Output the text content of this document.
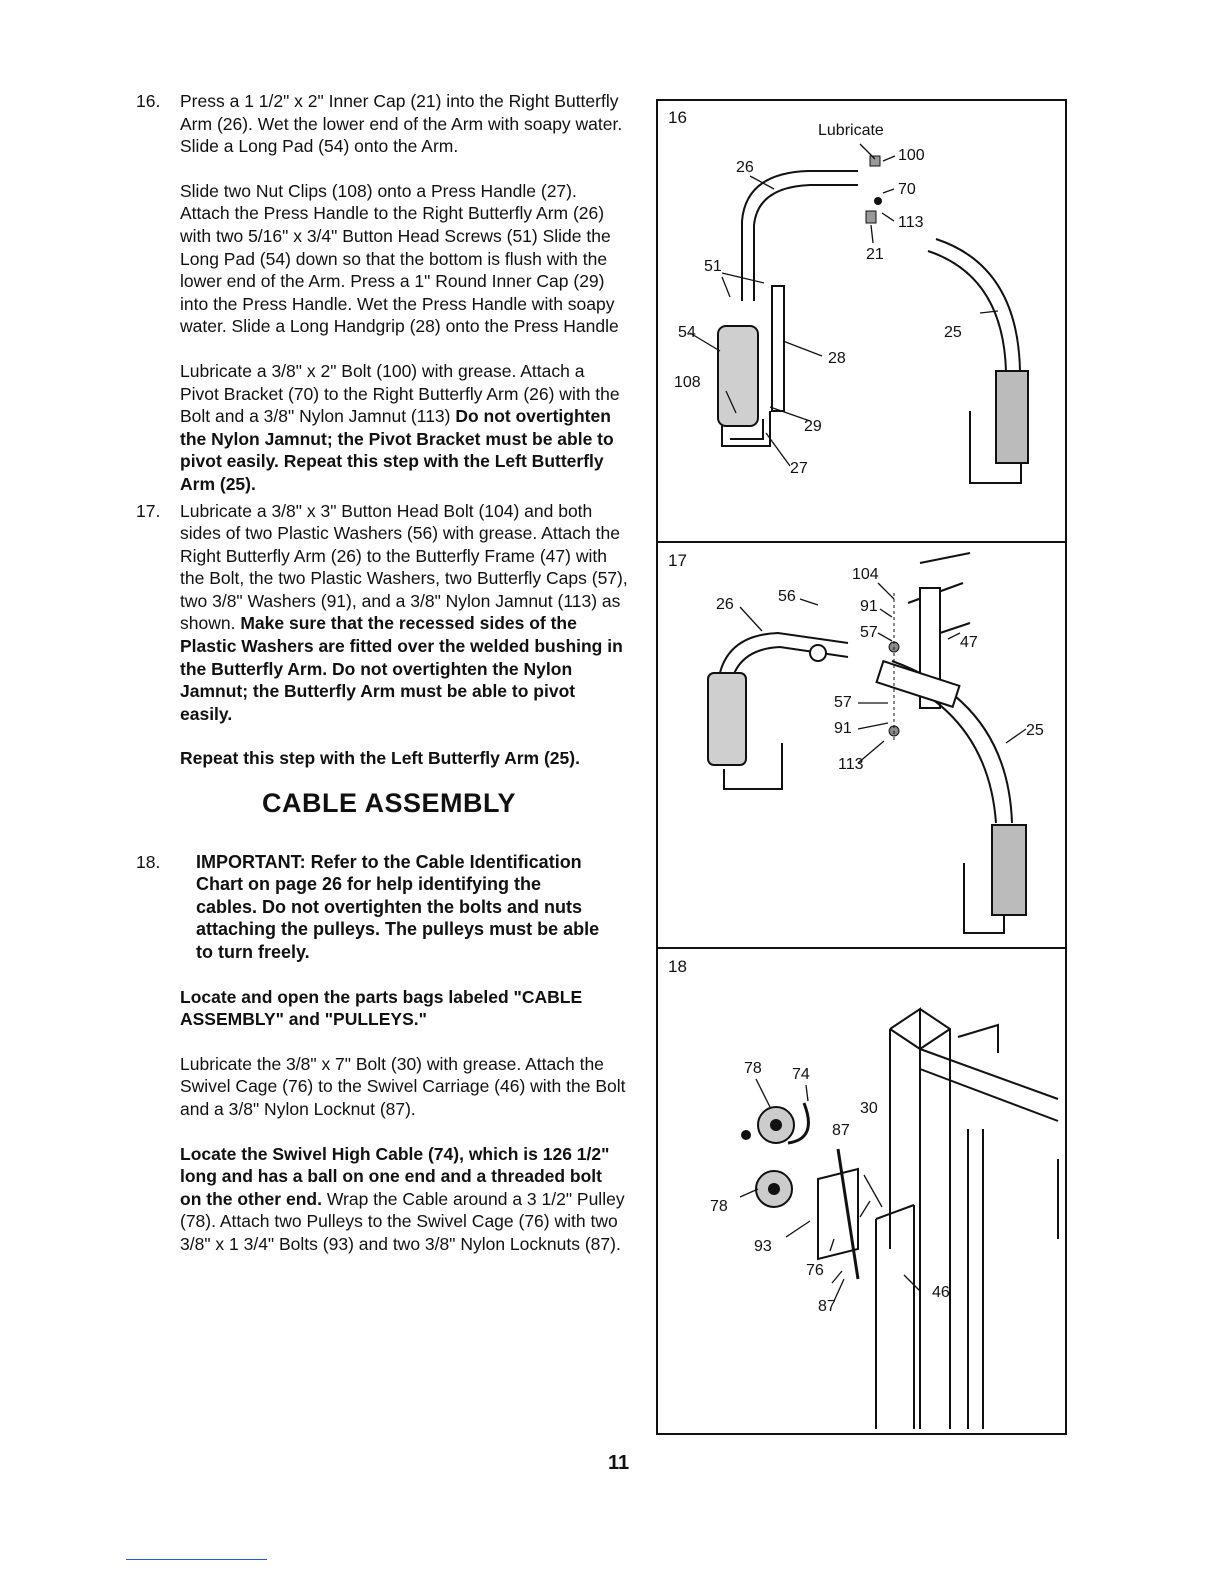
16. Press a 1 1/2" x 2" Inner Cap (21) into the Right Butterfly Arm (26). Wet the lower end of the Arm with soapy water. Slide a Long Pad (54) onto the Arm.

Slide two Nut Clips (108) onto a Press Handle (27). Attach the Press Handle to the Right Butterfly Arm (26) with two 5/16" x 3/4" Button Head Screws (51) Slide the Long Pad (54) down so that the bottom is flush with the lower end of the Arm. Press a 1" Round Inner Cap (29) into the Press Handle. Wet the Press Handle with soapy water. Slide a Long Handgrip (28) onto the Press Handle

Lubricate a 3/8" x 2" Bolt (100) with grease. Attach a Pivot Bracket (70) to the Right Butterfly Arm (26) with the Bolt and a 3/8" Nylon Jamnut (113) Do not overtighten the Nylon Jamnut; the Pivot Bracket must be able to pivot easily. Repeat this step with the Left Butterfly Arm (25).

17. Lubricate a 3/8" x 3" Button Head Bolt (104) and both sides of two Plastic Washers (56) with grease. Attach the Right Butterfly Arm (26) to the Butterfly Frame (47) with the Bolt, the two Plastic Washers, two Butterfly Caps (57), two 3/8" Washers (91), and a 3/8" Nylon Jamnut (113) as shown. Make sure that the recessed sides of the Plastic Washers are fitted over the welded bushing in the Butterfly Arm. Do not overtighten the Nylon Jamnut; the Butterfly Arm must be able to pivot easily.

Repeat this step with the Left Butterfly Arm (25).

CABLE ASSEMBLY
18. IMPORTANT: Refer to the Cable Identification Chart on page 26 for help identifying the cables. Do not overtighten the bolts and nuts attaching the pulleys. The pulleys must be able to turn freely.

Locate and open the parts bags labeled "CABLE ASSEMBLY" and "PULLEYS."

Lubricate the 3/8" x 7" Bolt (30) with grease. Attach the Swivel Cage (76) to the Swivel Carriage (46) with the Bolt and a 3/8" Nylon Locknut (87).

Locate the Swivel High Cable (74), which is 126 1/2" long and has a ball on one end and a threaded bolt on the other end. Wrap the Cable around a 3 1/2" Pulley (78). Attach two Pulleys to the Swivel Cage (76) with two 3/8" x 1 3/4" Bolts (93) and two 3/8" Nylon Locknuts (87).

16
Lubricate
100
26
70
113
21
51
54	25
28
108
29
27
17
104
26	56
91
57
47
57
91
113
25
18
78 74
30
87
78
93
76
87
46
11
